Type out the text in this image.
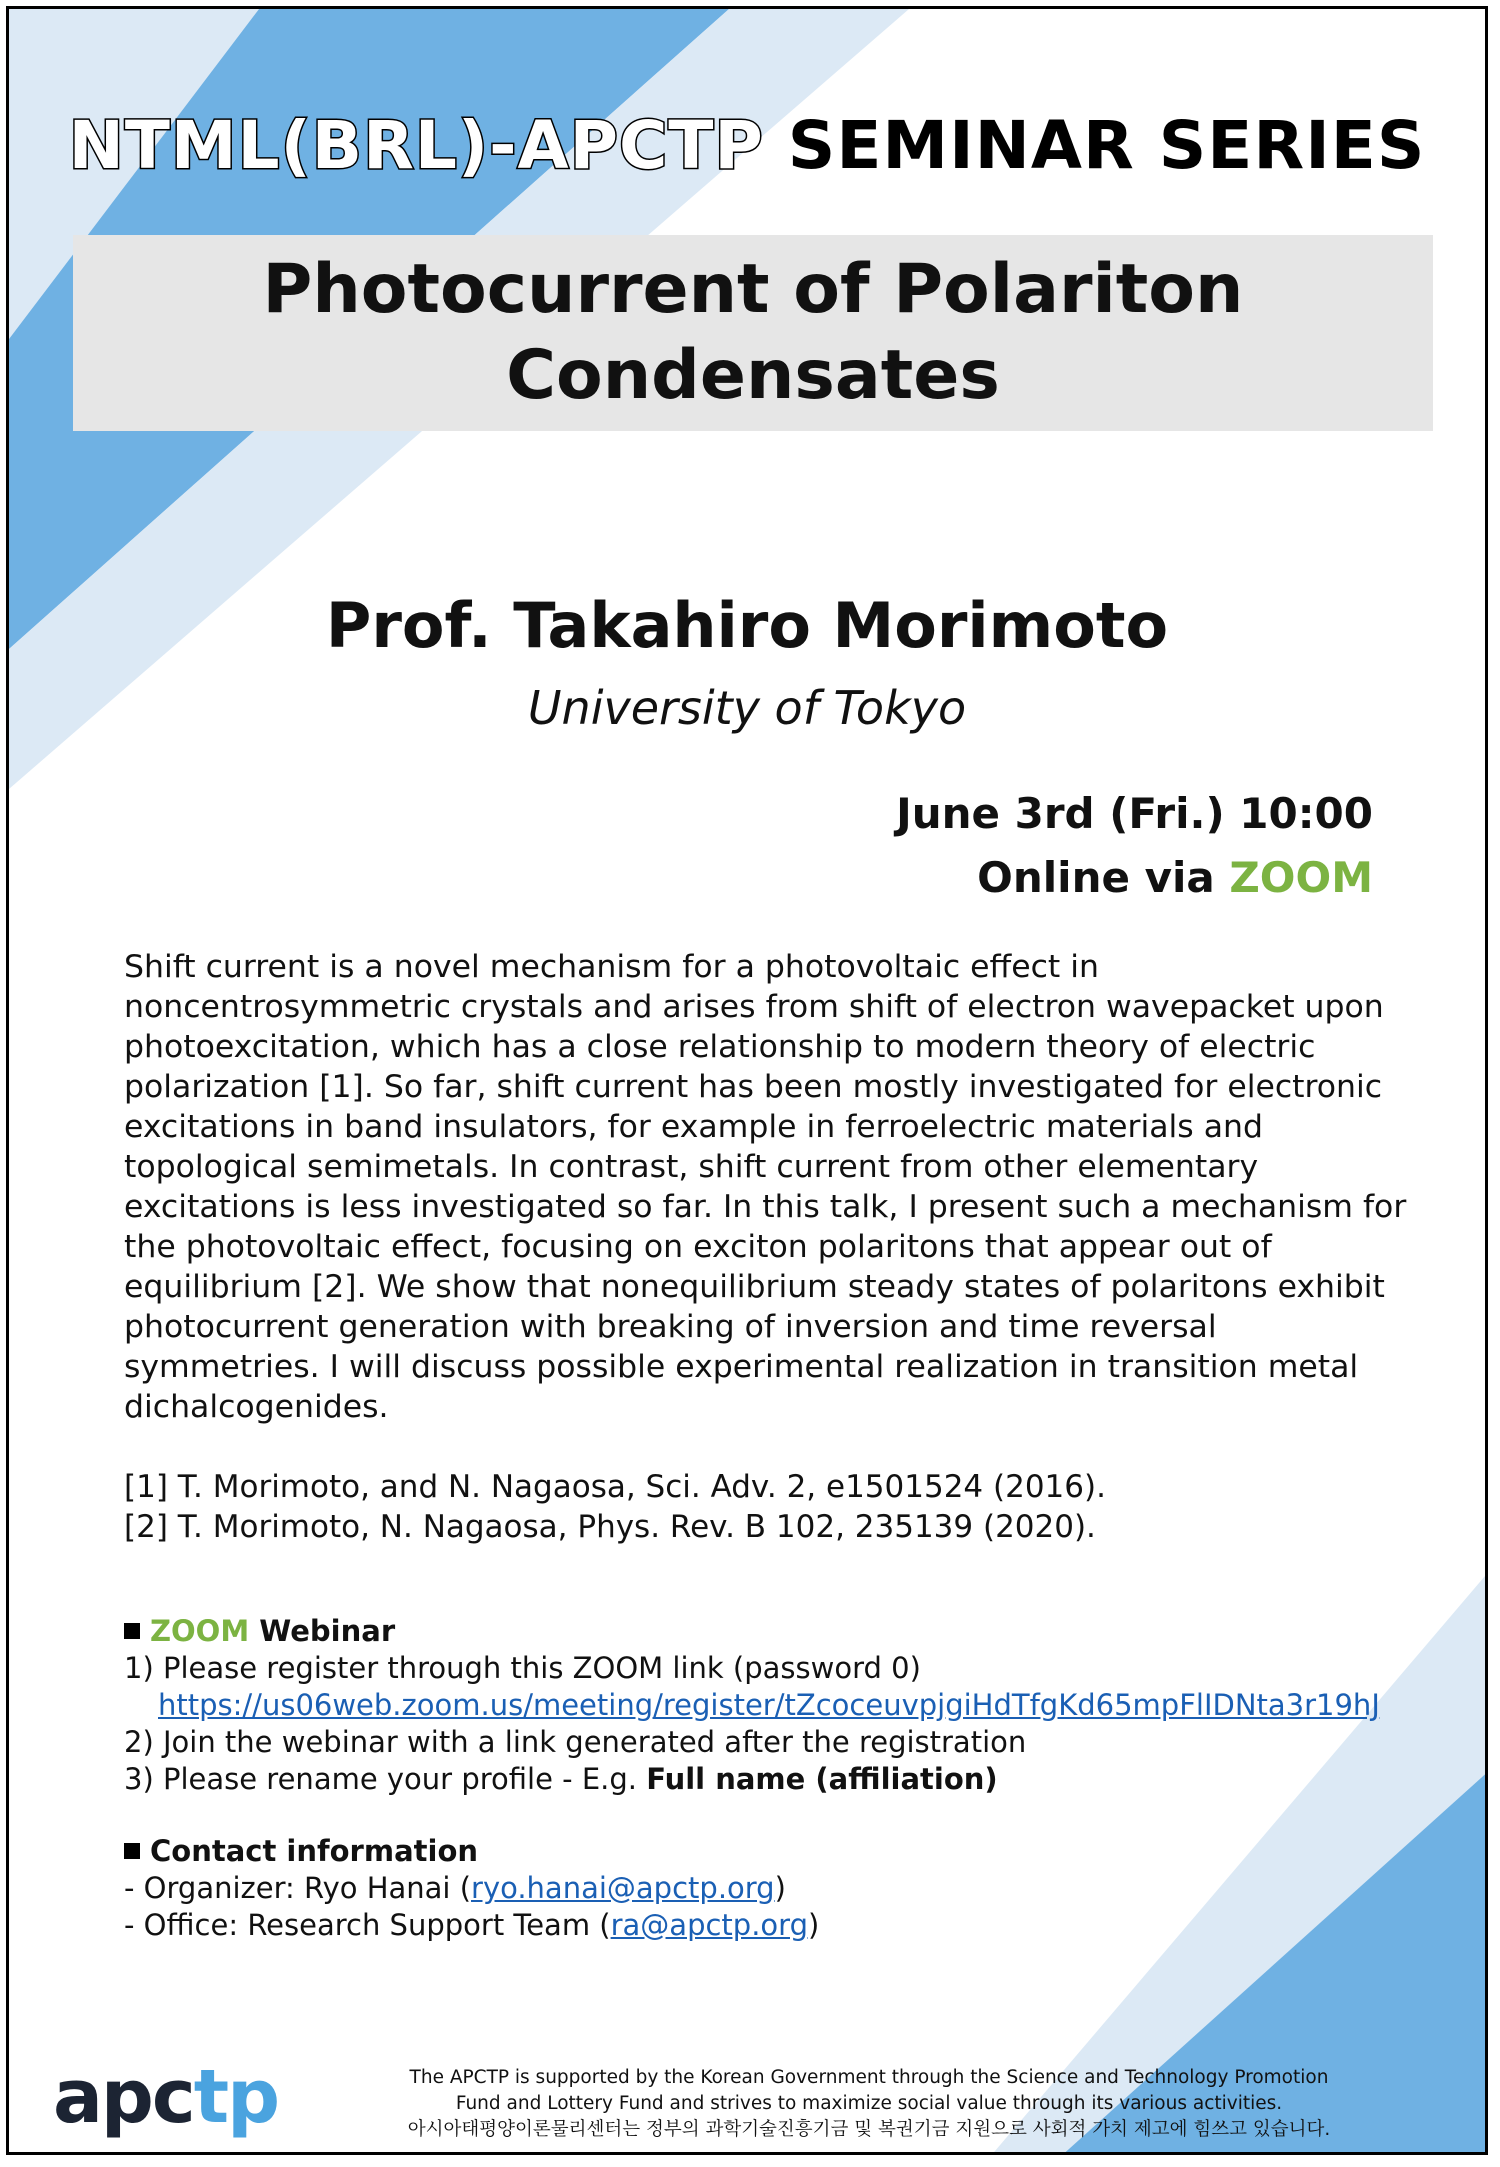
NTML(BRL)-APCTP SEMINAR SERIES
Photocurrent of Polariton Condensates
Prof. Takahiro Morimoto
University of Tokyo
June 3rd (Fri.) 10:00
Online via ZOOM

Shift current is a novel mechanism for a photovoltaic effect in noncentrosymmetric crystals and arises from shift of electron wavepacket upon photoexcitation, which has a close relationship to modern theory of electric polarization [1]. So far, shift current has been mostly investigated for electronic excitations in band insulators, for example in ferroelectric materials and topological semimetals. In contrast, shift current from other elementary excitations is less investigated so far. In this talk, I present such a mechanism for the photovoltaic effect, focusing on exciton polaritons that appear out of equilibrium [2]. We show that nonequilibrium steady states of polaritons exhibit photocurrent generation with breaking of inversion and time reversal symmetries. I will discuss possible experimental realization in transition metal dichalcogenides.

[1] T. Morimoto, and N. Nagaosa, Sci. Adv. 2, e1501524 (2016).
[2] T. Morimoto, N. Nagaosa, Phys. Rev. B 102, 235139 (2020).
ZOOM Webinar
1) Please register through this ZOOM link (password 0)
https://us06web.zoom.us/meeting/register/tZcoceuvpjgiHdTfgKd65mpFlIDNta3r19hJ
2) Join the webinar with a link generated after the registration
3) Please rename your profile - E.g. Full name (affiliation)
Contact information
- Organizer: Ryo Hanai (ryo.hanai@apctp.org)
- Office: Research Support Team (ra@apctp.org)
apctp	The APCTP is supported by the Korean Government through the Science and Technology Promotion
Fund and Lottery Fund and strives to maximize social value through its various activities.
아시아태평양이론물리센터는 정부의 과학기술진흥기금 및 복권기금 지원으로 사회적 가치 제고에 힘쓰고 있습니다.
